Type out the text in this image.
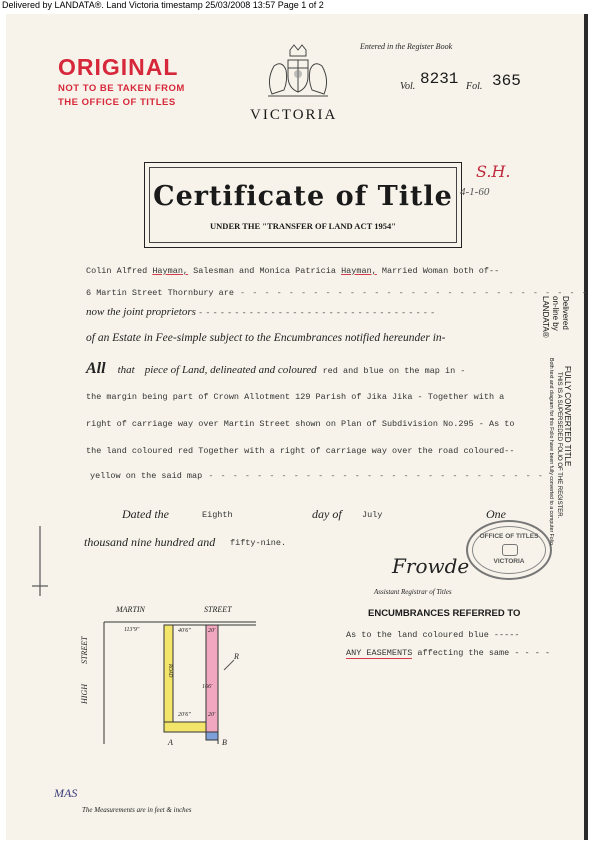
Delivered by LANDATA®. Land Victoria timestamp 25/03/2008 13:57 Page 1 of 2
ORIGINAL
NOT TO BE TAKEN FROM
THE OFFICE OF TITLES
VICTORIA
Entered in the Register Book
Vol. 8231 Fol. 365
Certificate of Title
UNDER THE "TRANSFER OF LAND ACT 1954"
S.H.
4-1-60
Colin Alfred Hayman, Salesman and Monica Patricia Hayman, Married Woman both of--
6 Martin Street Thornbury are - - - - - - - - - - - - - - - - - - - - - - - - - - - - -
now the joint proprietors - - - - - - - - - - - - - - - - - - - - - - - - - - - - - - - - -
of an Estate in Fee-simple subject to the Encumbrances notified hereunder in-
All that piece of Land, delineated and coloured red and blue on the map in -
the margin being part of Crown Allotment 129 Parish of Jika Jika - Together with a
right of carriage way over Martin Street shown on Plan of Subdivision No.295 - As to
the land coloured red Together with a right of carriage way over the road coloured--
yellow on the said map - - - - - - - - - - - - - - - - - - - - - - - - - - - -
Dated the	Eighth	day of July	One
thousand nine hundred and fifty-nine.
OFFICE OF TITLES
VICTORIA
Frowde
Assistant Registrar of Titles
ENCUMBRANCES REFERRED TO
As to the land coloured blue -----
ANY EASEMENTS affecting the same - - - -
MARTIN	STREET
HIGH
STREET
113'9"	40'6"	20'
R
166'
20'6"	20'
ROAD
A	B
MAS
The Measurements are in feet & inches
Delivered
on-line by
LANDATA®
FULLY CONVERTED TITLE
THIS IS A SUPERSEDED FOLIO OF THE REGISTER.
Both text and diagram for this Folio have been fully converted to a computer Folio.
